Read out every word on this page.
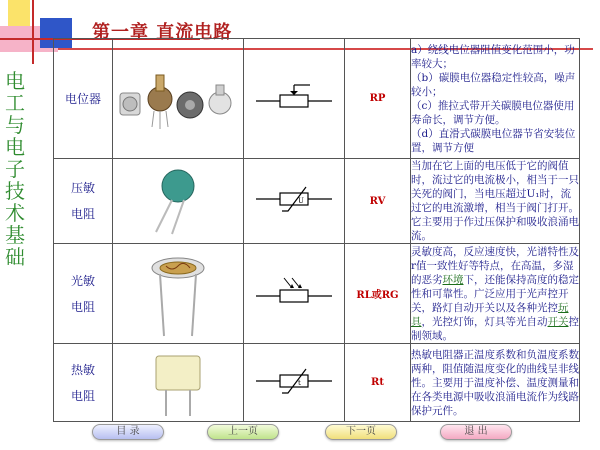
第一章 直流电路
电
工
与
电
子
技
术
基
础
电位器			RP	a）绕线电位器阻值变化范围小，功率较大；

（b）碳膜电位器稳定性较高，噪声较小；

（c）推拉式带开关碳膜电位器使用寿命长，调节方便。

（d）直滑式碳膜电位器节省安装位置，调节方便

压敏
电阻		U	RV	当加在它上面的电压低于它的阀值时，流过它的电流极小，相当于一只关死的阀门，当电压超过U₁时，流过它的电流激增，相当于阀门打开。它主要用于作过压保护和吸收浪涌电流。

光敏
电阻			RL或RG	灵敏度高，反应速度快，光谱特性及r值一致性好等特点，在高温，多湿的恶劣环境下，还能保持高度的稳定性和可靠性。广泛应用于光声控开关，路灯自动开关以及各种光控玩具，光控灯饰，灯具等光自动开关控制领域。

热敏
电阻		t	Rt	热敏电阻器正温度系数和负温度系数两种，阻值随温度变化的曲线呈非线性。主要用于温度补偿、温度测量和在各类电源中吸收浪涌电流作为线路保护元件。

目 录	上一页	下一页	退 出
